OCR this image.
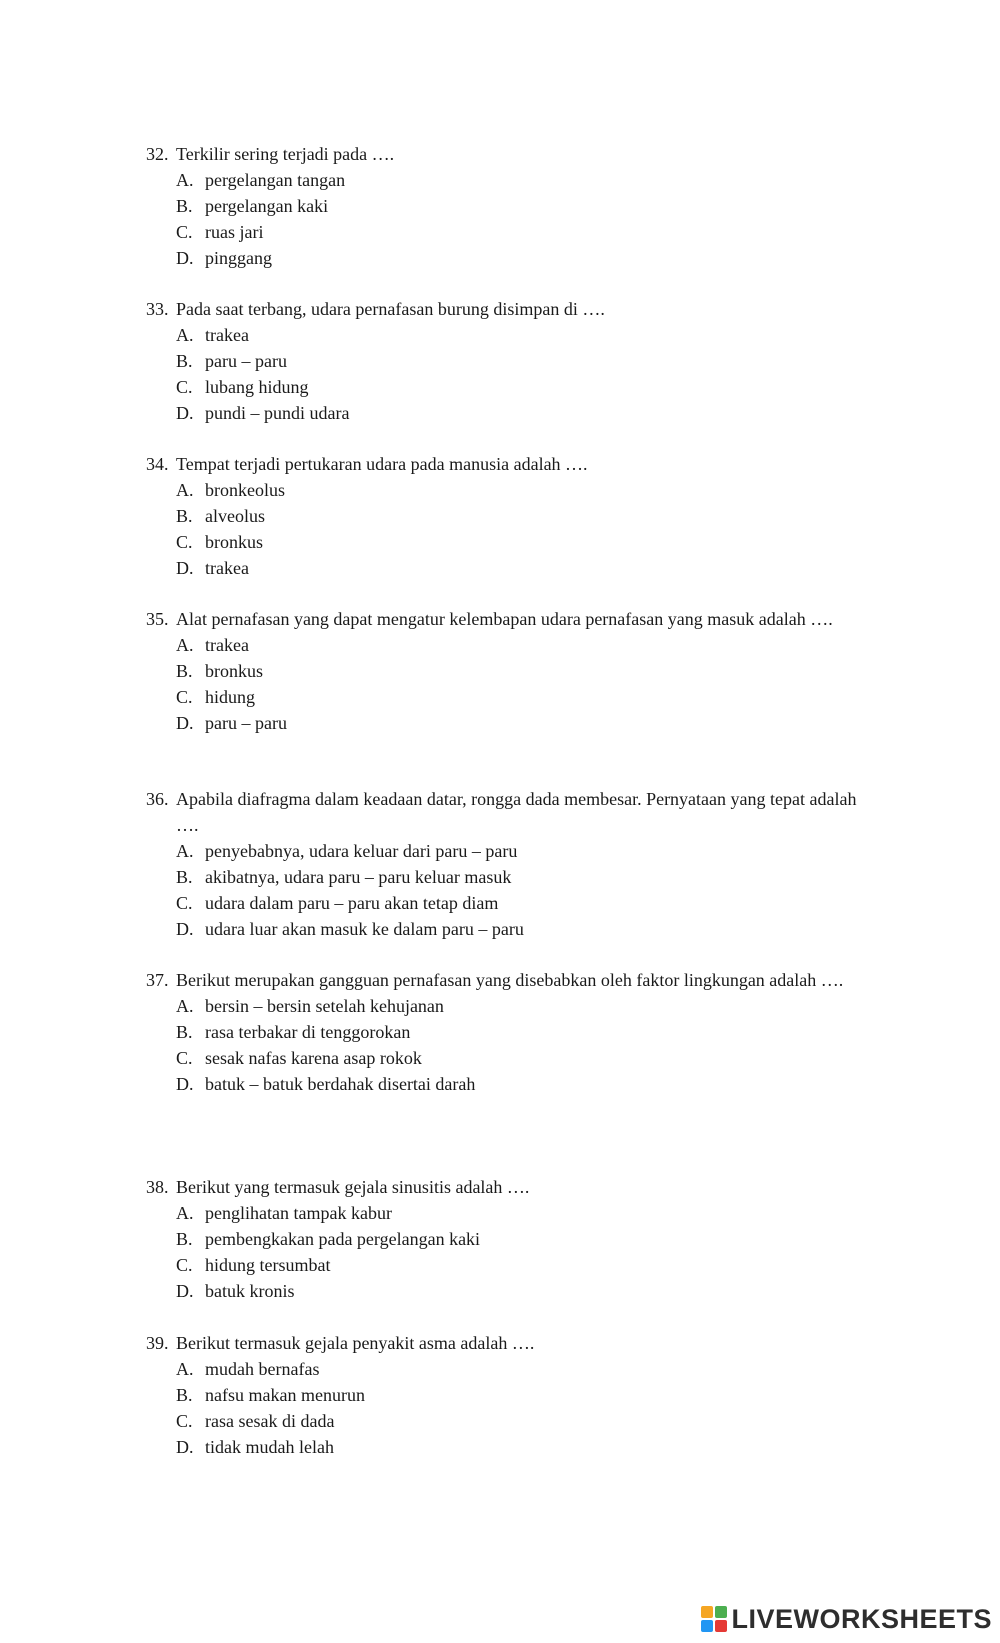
32. Terkilir sering terjadi pada ….
A. pergelangan tangan
B. pergelangan kaki
C. ruas jari
D. pinggang
33. Pada saat terbang, udara pernafasan burung disimpan di ….
A. trakea
B. paru – paru
C. lubang hidung
D. pundi – pundi udara
34. Tempat terjadi pertukaran udara pada manusia adalah ….
A. bronkeolus
B. alveolus
C. bronkus
D. trakea
35. Alat pernafasan yang dapat mengatur kelembapan udara pernafasan yang masuk adalah ….
A. trakea
B. bronkus
C. hidung
D. paru – paru
36. Apabila diafragma dalam keadaan datar, rongga dada membesar. Pernyataan yang tepat adalah ….
A. penyebabnya, udara keluar dari paru – paru
B. akibatnya, udara paru – paru keluar masuk
C. udara dalam paru – paru akan tetap diam
D. udara luar akan masuk ke dalam paru – paru
37. Berikut merupakan gangguan pernafasan yang disebabkan oleh faktor lingkungan adalah ….
A. bersin – bersin setelah kehujanan
B. rasa terbakar di tenggorokan
C. sesak nafas karena asap rokok
D. batuk – batuk berdahak disertai darah
38. Berikut yang termasuk gejala sinusitis adalah ….
A. penglihatan tampak kabur
B. pembengkakan pada pergelangan kaki
C. hidung tersumbat
D. batuk kronis
39. Berikut termasuk gejala penyakit asma adalah ….
A. mudah bernafas
B. nafsu makan menurun
C. rasa sesak di dada
D. tidak mudah lelah
LIVEWORKSHEETS
